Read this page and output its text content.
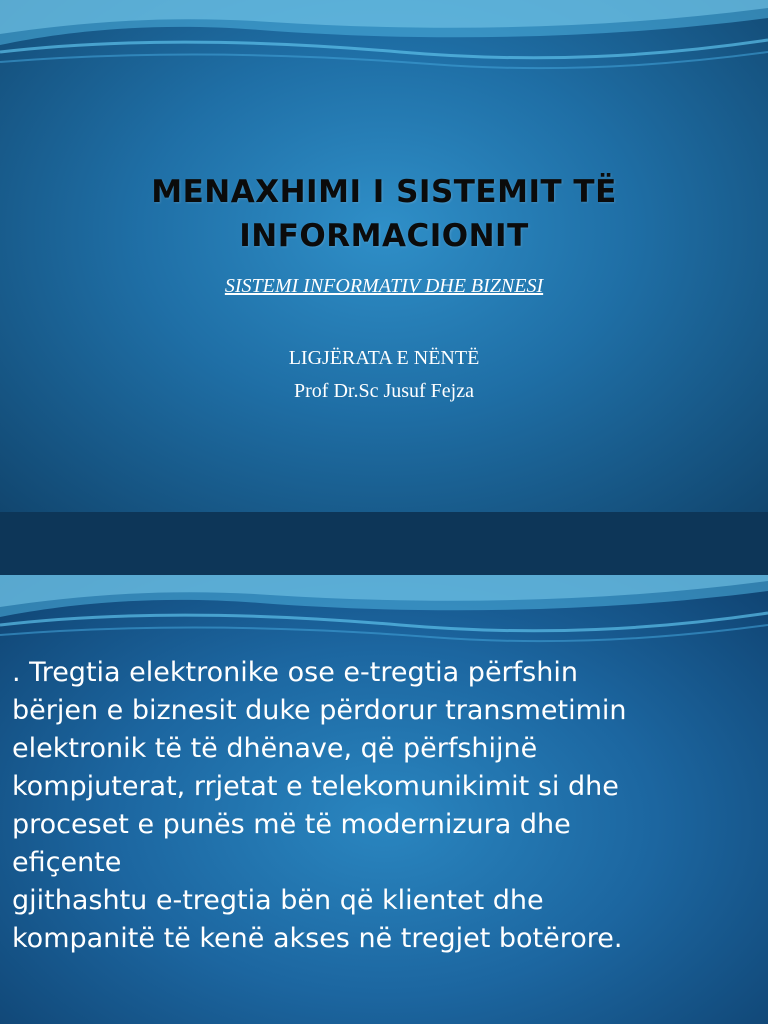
MENAXHIMI I SISTEMIT TË
INFORMACIONIT
SISTEMI INFORMATIV DHE BIZNESI
LIGJËRATA E NËNTË
Prof Dr.Sc Jusuf Fejza

. Tregtia elektronike ose e-tregtia përfshin
bërjen e biznesit duke përdorur transmetimin
elektronik të të dhënave, që përfshijnë
kompjuterat, rrjetat e telekomunikimit si dhe
proceset e punës më të modernizura dhe
efiçente
gjithashtu e-tregtia bën që klientet dhe
kompanitë të kenë akses në tregjet botërore.
